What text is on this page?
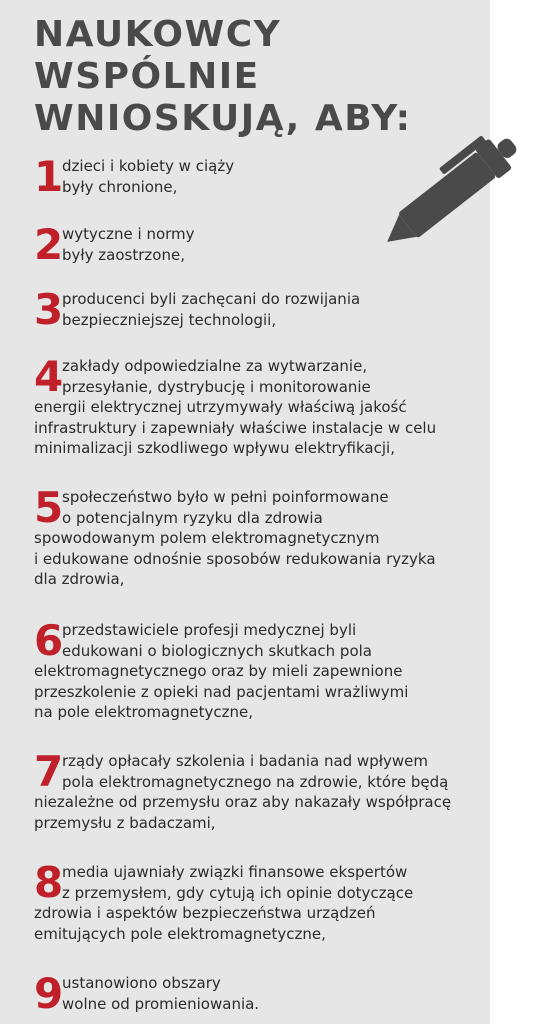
NAUKOWCY
WSPÓLNIE
WNIOSKUJĄ, ABY:
1
dzieci i kobiety w ciąży
były chronione,
2
wytyczne i normy
były zaostrzone,
3
producenci byli zachęcani do rozwijania
bezpieczniejszej technologii,
4
zakłady odpowiedzialne za wytwarzanie,
przesyłanie, dystrybucję i monitorowanie
energii elektrycznej utrzymywały właściwą jakość
infrastruktury i zapewniały właściwe instalacje w celu
minimalizacji szkodliwego wpływu elektryfikacji,
5
społeczeństwo było w pełni poinformowane
o potencjalnym ryzyku dla zdrowia
spowodowanym polem elektromagnetycznym
i edukowane odnośnie sposobów redukowania ryzyka
dla zdrowia,
6
przedstawiciele profesji medycznej byli
edukowani o biologicznych skutkach pola
elektromagnetycznego oraz by mieli zapewnione
przeszkolenie z opieki nad pacjentami wrażliwymi
na pole elektromagnetyczne,
7
rządy opłacały szkolenia i badania nad wpływem
pola elektromagnetycznego na zdrowie, które będą
niezależne od przemysłu oraz aby nakazały współpracę
przemysłu z badaczami,
8
media ujawniały związki finansowe ekspertów
z przemysłem, gdy cytują ich opinie dotyczące
zdrowia i aspektów bezpieczeństwa urządzeń
emitujących pole elektromagnetyczne,
9
ustanowiono obszary
wolne od promieniowania.
